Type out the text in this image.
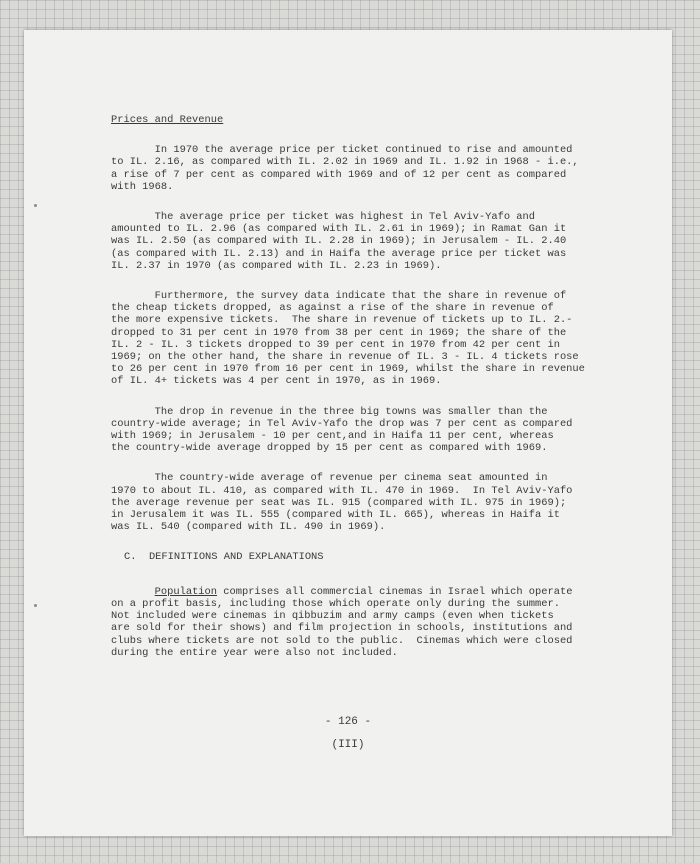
Prices and Revenue

In 1970 the average price per ticket continued to rise and amounted
to IL. 2.16, as compared with IL. 2.02 in 1969 and IL. 1.92 in 1968 - i.e.,
a rise of 7 per cent as compared with 1969 and of 12 per cent as compared
with 1968.

The average price per ticket was highest in Tel Aviv-Yafo and
amounted to IL. 2.96 (as compared with IL. 2.61 in 1969); in Ramat Gan it
was IL. 2.50 (as compared with IL. 2.28 in 1969); in Jerusalem - IL. 2.40
(as compared with IL. 2.13) and in Haifa the average price per ticket was
IL. 2.37 in 1970 (as compared with IL. 2.23 in 1969).

Furthermore, the survey data indicate that the share in revenue of
the cheap tickets dropped, as against a rise of the share in revenue of
the more expensive tickets.  The share in revenue of tickets up to IL. 2.-
dropped to 31 per cent in 1970 from 38 per cent in 1969; the share of the
IL. 2 - IL. 3 tickets dropped to 39 per cent in 1970 from 42 per cent in
1969; on the other hand, the share in revenue of IL. 3 - IL. 4 tickets rose
to 26 per cent in 1970 from 16 per cent in 1969, whilst the share in revenue
of IL. 4+ tickets was 4 per cent in 1970, as in 1969.

The drop in revenue in the three big towns was smaller than the
country-wide average; in Tel Aviv-Yafo the drop was 7 per cent as compared
with 1969; in Jerusalem - 10 per cent,and in Haifa 11 per cent, whereas
the country-wide average dropped by 15 per cent as compared with 1969.

The country-wide average of revenue per cinema seat amounted in
1970 to about IL. 410, as compared with IL. 470 in 1969.  In Tel Aviv-Yafo
the average revenue per seat was IL. 915 (compared with IL. 975 in 1969);
in Jerusalem it was IL. 555 (compared with IL. 665), whereas in Haifa it
was IL. 540 (compared with IL. 490 in 1969).

C.  DEFINITIONS AND EXPLANATIONS

Population comprises all commercial cinemas in Israel which operate
on a profit basis, including those which operate only during the summer.
Not included were cinemas in qibbuzim and army camps (even when tickets
are sold for their shows) and film projection in schools, institutions and
clubs where tickets are not sold to the public.  Cinemas which were closed
during the entire year were also not included.

- 126 -
(III)
